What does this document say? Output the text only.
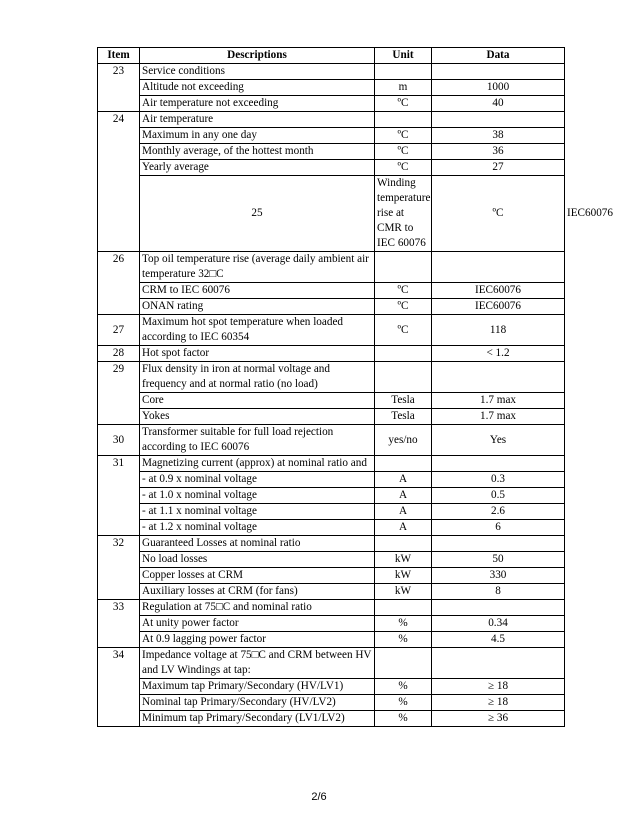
Item	Descriptions	Unit	Data	
23	Service conditions			
	Altitude not exceeding	m	1000	
	Air temperature not exceeding	ºC	40	
24	Air temperature			
	Maximum in any one day	ºC	38	
	Monthly average, of the hottest month	ºC	36	
	Yearly average	ºC	27	
	25	Winding temperature rise at CMR to IEC 60076	ºC	IEC60076
26	Top oil temperature rise (average daily ambient air temperature 32□C			
	CRM to IEC 60076	ºC	IEC60076	
	ONAN rating	ºC	IEC60076	
27	Maximum hot spot temperature when loaded according to IEC 60354	ºC	118	
28	Hot spot factor		< 1.2	
29	Flux density in iron at normal voltage and frequency and at normal ratio (no load)			
	Core	Tesla	1.7 max	
	Yokes	Tesla	1.7 max	
30	Transformer suitable for full load rejection according to IEC 60076	yes/no	Yes	
31	Magnetizing current (approx) at nominal ratio and			
	- at 0.9 x nominal voltage	A	0.3	
	- at 1.0 x nominal voltage	A	0.5	
	- at 1.1 x nominal voltage	A	2.6	
	- at 1.2 x nominal voltage	A	6	
32	Guaranteed Losses at nominal ratio			
	No load losses	kW	50	
	Copper losses at CRM	kW	330	
	Auxiliary losses at CRM (for fans)	kW	8	
33	Regulation at 75□C and nominal ratio			
	At unity power factor	%	0.34	
	At 0.9 lagging power factor	%	4.5	
34	Impedance voltage at 75□C and CRM between HV and LV Windings at tap:			
	Maximum tap Primary/Secondary (HV/LV1)	%	≥ 18	
	Nominal tap Primary/Secondary (HV/LV2)	%	≥ 18	
	Minimum tap Primary/Secondary (LV1/LV2)	%	≥ 36	
2/6
